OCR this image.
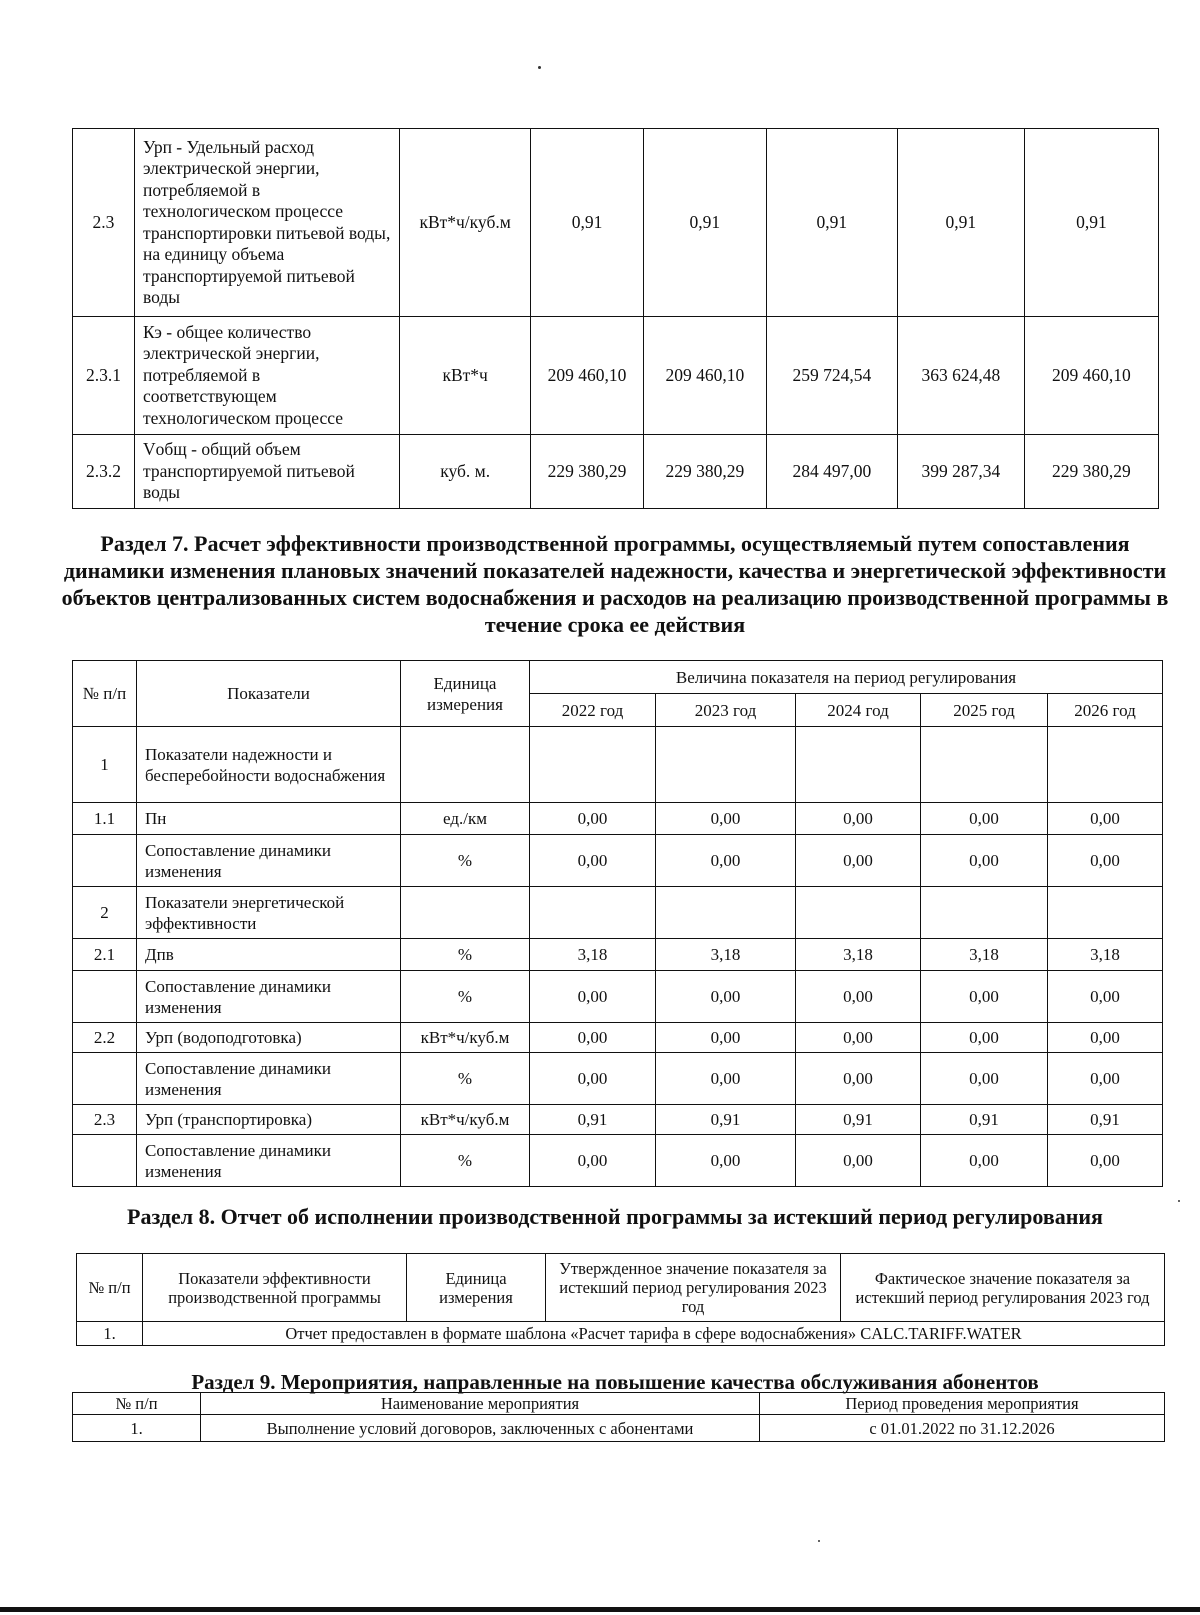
2.3	Урп - Удельный расход электрической энергии, потребляемой в технологическом процессе транспортировки питьевой воды, на единицу объема транспортируемой питьевой воды	кВт*ч/куб.м	0,91	0,91	0,91	0,91	0,91
2.3.1	Кэ - общее количество электрической энергии, потребляемой в соответствующем технологическом процессе	кВт*ч	209 460,10	209 460,10	259 724,54	363 624,48	209 460,10
2.3.2	Vобщ - общий объем транспортируемой питьевой воды	куб. м.	229 380,29	229 380,29	284 497,00	399 287,34	229 380,29
Раздел 7. Расчет эффективности производственной программы, осуществляемый путем сопоставления динамики изменения плановых значений показателей надежности, качества и энергетической эффективности объектов централизованных систем водоснабжения и расходов на реализацию производственной программы в течение срока ее действия
№ п/п	Показатели	Единица измерения	Величина показателя на период регулирования				
			2022 год	2023 год	2024 год	2025 год	2026 год
1	Показатели надежности и бесперебойности водоснабжения						
1.1	Пн	ед./км	0,00	0,00	0,00	0,00	0,00
	Сопоставление динамики изменения	%	0,00	0,00	0,00	0,00	0,00
2	Показатели энергетической эффективности						
2.1	Дпв	%	3,18	3,18	3,18	3,18	3,18
	Сопоставление динамики изменения	%	0,00	0,00	0,00	0,00	0,00
2.2	Урп (водоподготовка)	кВт*ч/куб.м	0,00	0,00	0,00	0,00	0,00
	Сопоставление динамики изменения	%	0,00	0,00	0,00	0,00	0,00
2.3	Урп (транспортировка)	кВт*ч/куб.м	0,91	0,91	0,91	0,91	0,91
	Сопоставление динамики изменения	%	0,00	0,00	0,00	0,00	0,00
Раздел 8. Отчет об исполнении производственной программы за истекший период регулирования
№ п/п	Показатели эффективности производственной программы	Единица измерения	Утвержденное значение показателя за истекший период регулирования 2023 год	Фактическое значение показателя за истекший период регулирования 2023 год
1.	Отчет предоставлен в формате шаблона «Расчет тарифа в сфере водоснабжения» CALC.TARIFF.WATER			
Раздел 9. Мероприятия, направленные на повышение качества обслуживания абонентов
№ п/п	Наименование мероприятия	Период проведения мероприятия
1.	Выполнение условий договоров, заключенных с абонентами	с 01.01.2022 по 31.12.2026
